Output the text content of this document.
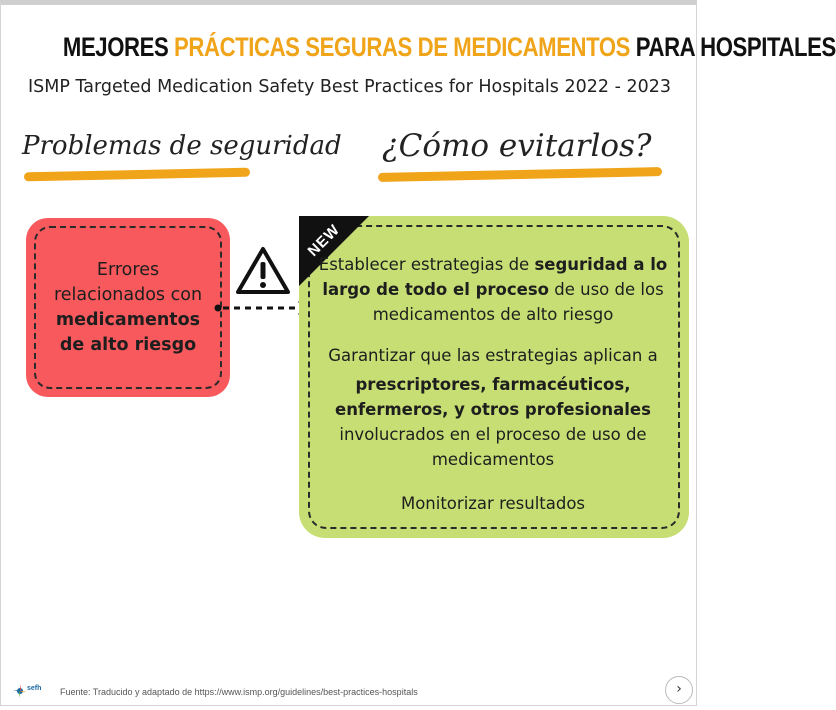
MEJORES PRÁCTICAS SEGURAS DE MEDICAMENTOS PARA HOSPITALES
ISMP Targeted Medication Safety Best Practices for Hospitals 2022 - 2023
Problemas de seguridad ¿Cómo evitarlos?
Errores
relacionados con
medicamentos
de alto riesgo
NEW
Establecer estrategias de seguridad a lo
largo de todo el proceso de uso de los
medicamentos de alto riesgo
Garantizar que las estrategias aplican a
prescriptores, farmacéuticos,
enfermeros, y otros profesionales
involucrados en el proceso de uso de
medicamentos
Monitorizar resultados
sefh Fuente: Traducido y adaptado de https://www.ismp.org/guidelines/best-practices-hospitals	›
